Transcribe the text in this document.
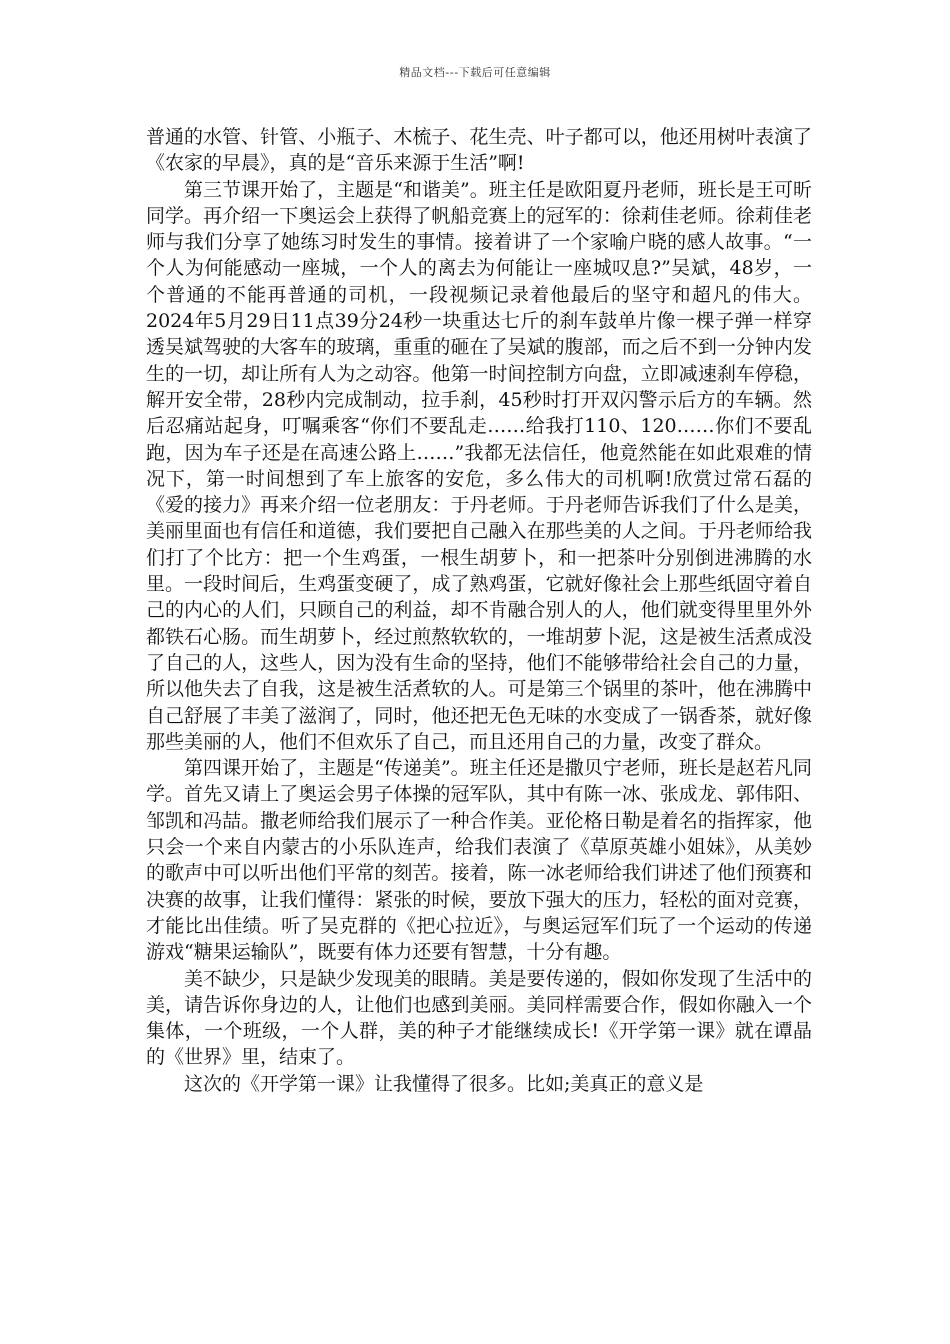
精品文档---下载后可任意编辑

普通的水管、针管、小瓶子、木梳子、花生壳、叶子都可以，他还用树叶表演了《农家的早晨》，真的是“音乐来源于生活”啊!

第三节课开始了，主题是“和谐美”。班主任是欧阳夏丹老师，班长是王可昕同学。再介绍一下奥运会上获得了帆船竞赛上的冠军的：徐莉佳老师。徐莉佳老师与我们分享了她练习时发生的事情。接着讲了一个家喻户晓的感人故事。“一个人为何能感动一座城，一个人的离去为何能让一座城叹息?”吴斌，48岁，一个普通的不能再普通的司机，一段视频记录着他最后的坚守和超凡的伟大。2024年5月29日11点39分24秒一块重达七斤的刹车鼓单片像一棵子弹一样穿透吴斌驾驶的大客车的玻璃，重重的砸在了吴斌的腹部，而之后不到一分钟内发生的一切，却让所有人为之动容。他第一时间控制方向盘，立即减速刹车停稳，解开安全带，28秒内完成制动，拉手刹，45秒时打开双闪警示后方的车辆。然后忍痛站起身，叮嘱乘客“你们不要乱走……给我打110、120……你们不要乱跑，因为车子还是在高速公路上……”我都无法信任，他竟然能在如此艰难的情况下，第一时间想到了车上旅客的安危，多么伟大的司机啊!欣赏过常石磊的《爱的接力》再来介绍一位老朋友：于丹老师。于丹老师告诉我们了什么是美，美丽里面也有信任和道德，我们要把自己融入在那些美的人之间。于丹老师给我们打了个比方：把一个生鸡蛋，一根生胡萝卜，和一把茶叶分别倒进沸腾的水里。一段时间后，生鸡蛋变硬了，成了熟鸡蛋，它就好像社会上那些纸固守着自己的内心的人们，只顾自己的利益，却不肯融合别人的人，他们就变得里里外外都铁石心肠。而生胡萝卜，经过煎熬软软的，一堆胡萝卜泥，这是被生活煮成没了自己的人，这些人，因为没有生命的坚持，他们不能够带给社会自己的力量，所以他失去了自我，这是被生活煮软的人。可是第三个锅里的茶叶，他在沸腾中自己舒展了丰美了滋润了，同时，他还把无色无味的水变成了一锅香茶，就好像那些美丽的人，他们不但欢乐了自己，而且还用自己的力量，改变了群众。

第四课开始了，主题是“传递美”。班主任还是撒贝宁老师，班长是赵若凡同学。首先又请上了奥运会男子体操的冠军队，其中有陈一冰、张成龙、郭伟阳、邹凯和冯喆。撒老师给我们展示了一种合作美。亚伦格日勒是着名的指挥家，他只会一个来自内蒙古的小乐队连声，给我们表演了《草原英雄小姐妹》，从美妙的歌声中可以听出他们平常的刻苦。接着，陈一冰老师给我们讲述了他们预赛和决赛的故事，让我们懂得：紧张的时候，要放下强大的压力，轻松的面对竞赛，才能比出佳绩。听了吴克群的《把心拉近》，与奥运冠军们玩了一个运动的传递游戏“糖果运输队”，既要有体力还要有智慧，十分有趣。

美不缺少，只是缺少发现美的眼睛。美是要传递的，假如你发现了生活中的美，请告诉你身边的人，让他们也感到美丽。美同样需要合作，假如你融入一个集体，一个班级，一个人群，美的种子才能继续成长!《开学第一课》就在谭晶的《世界》里，结束了。

这次的《开学第一课》让我懂得了很多。比如;美真正的意义是
